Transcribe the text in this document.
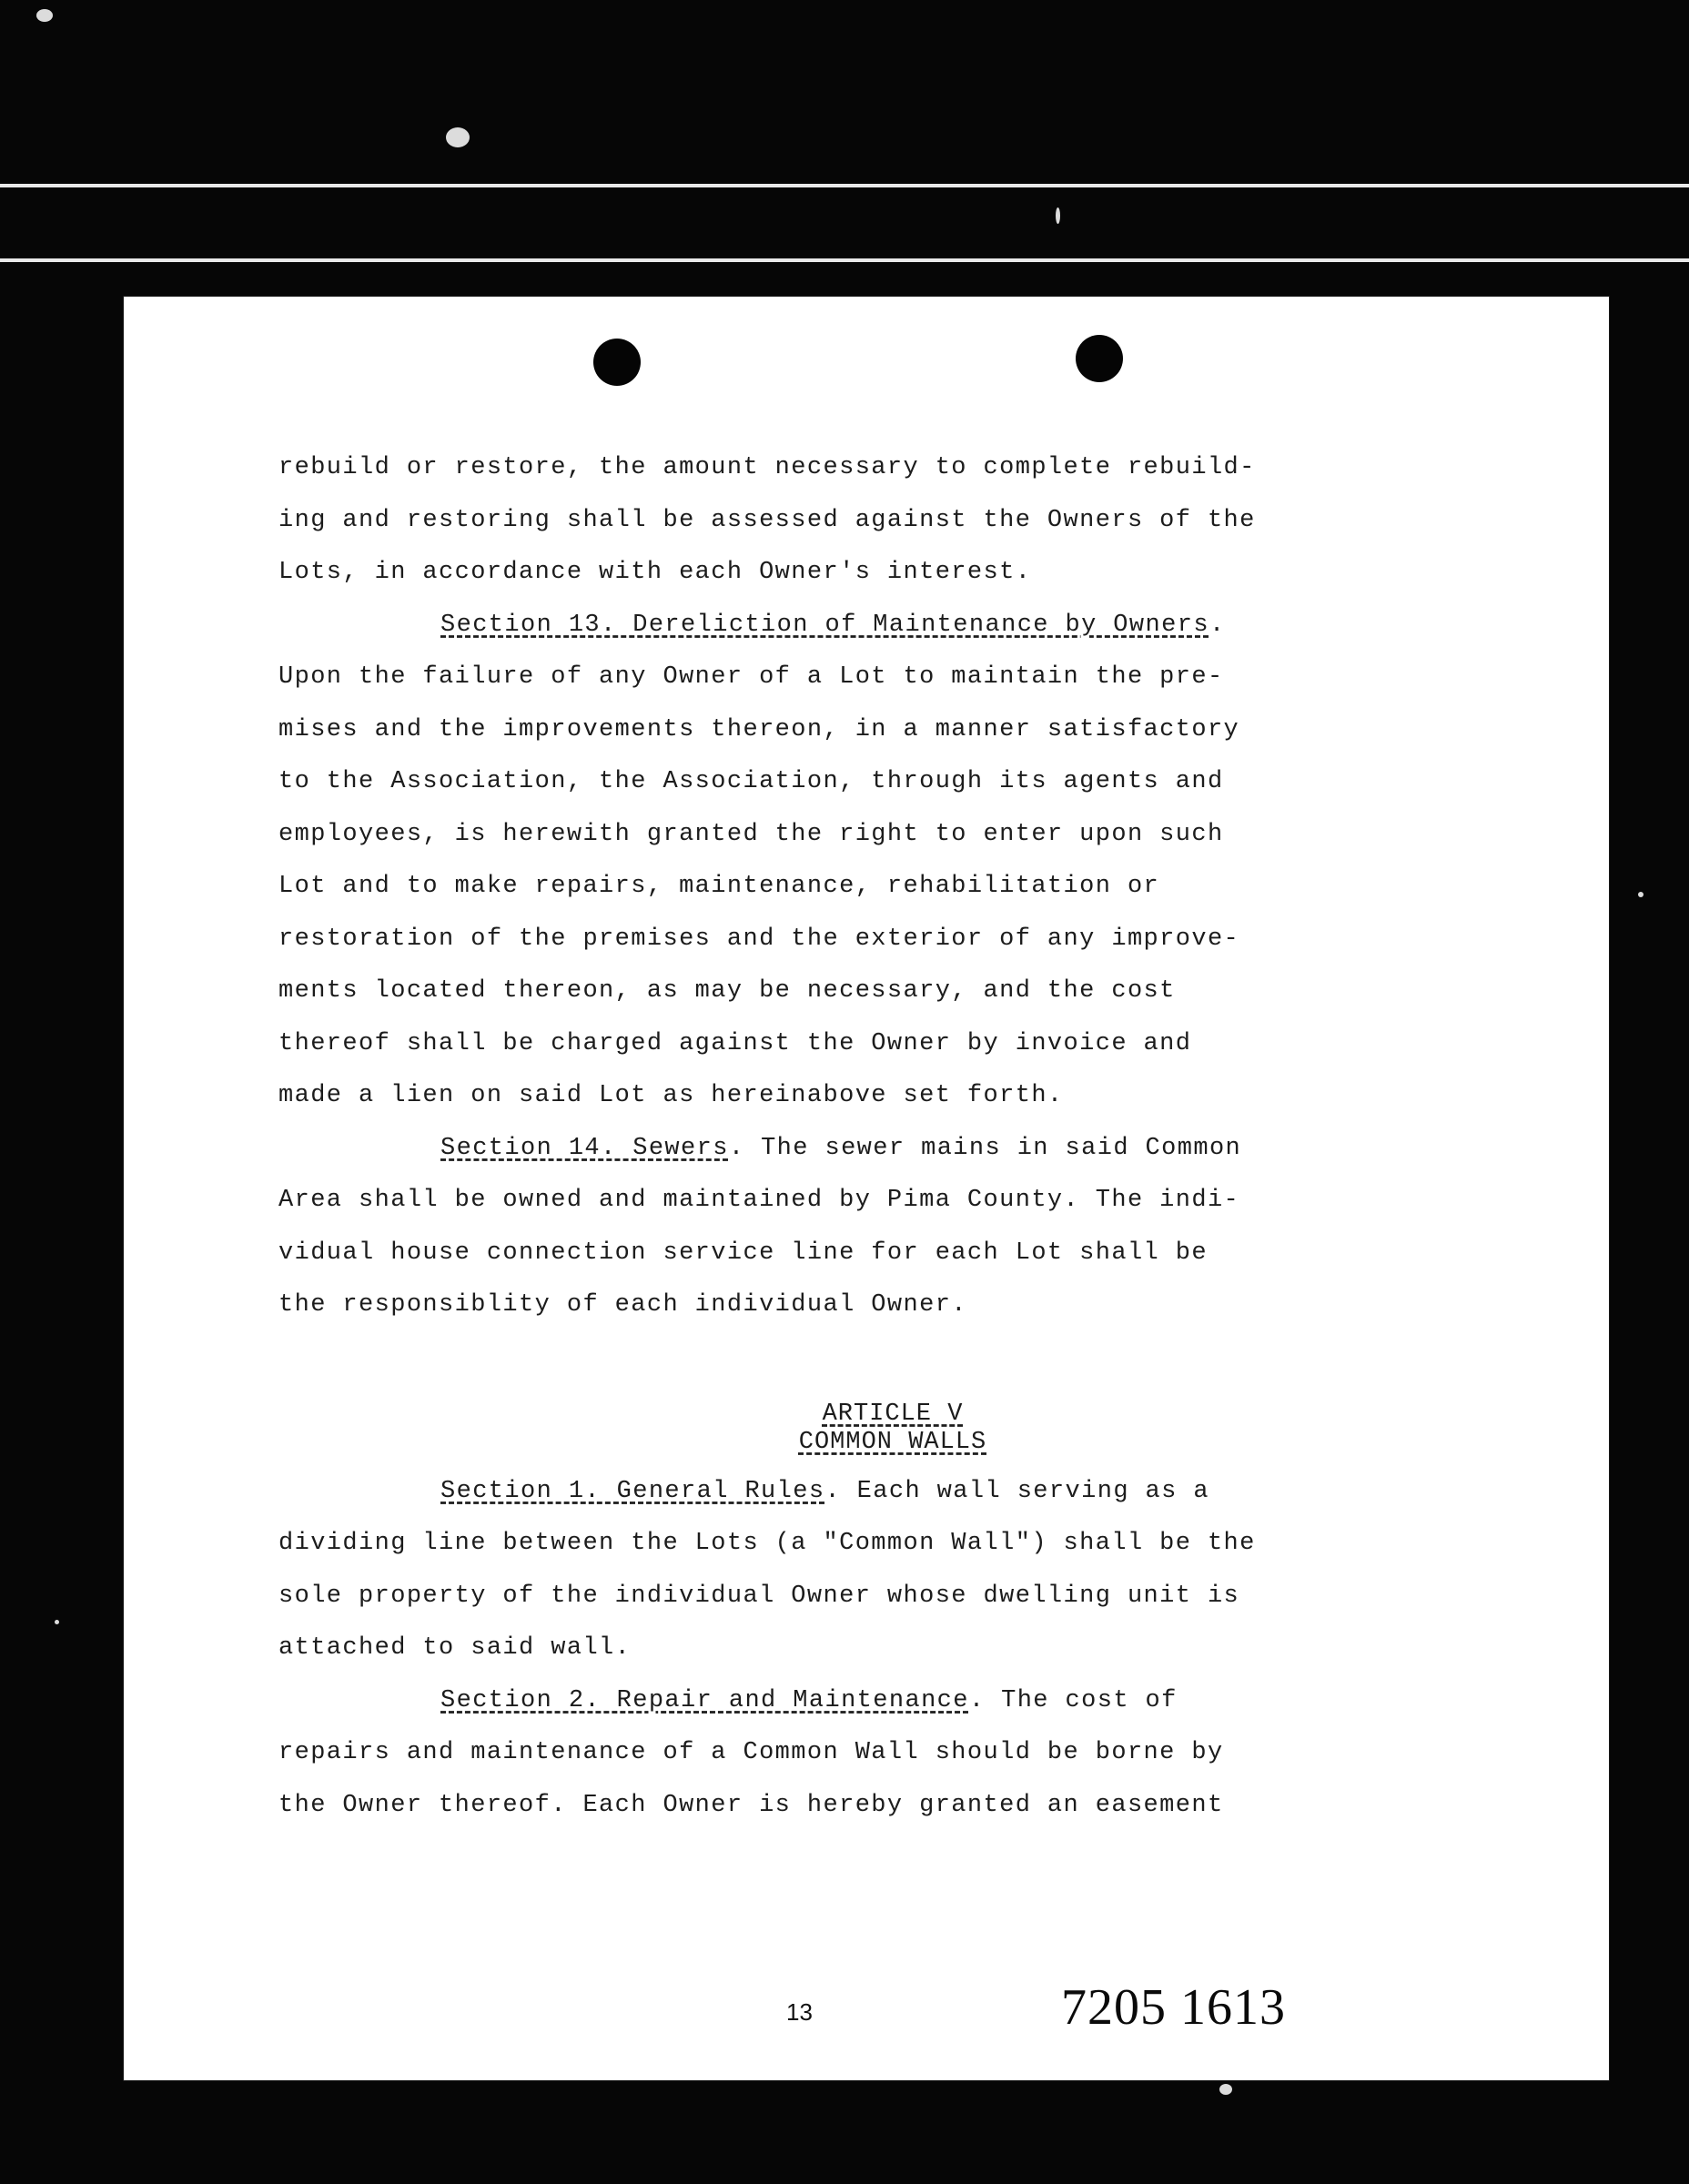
rebuild or restore, the amount necessary to complete rebuild-
ing and restoring shall be assessed against the Owners of the
Lots, in accordance with each Owner's interest.
Section 13. Dereliction of Maintenance by Owners.
Upon the failure of any Owner of a Lot to maintain the pre-
mises and the improvements thereon, in a manner satisfactory
to the Association, the Association, through its agents and
employees, is herewith granted the right to enter upon such
Lot and to make repairs, maintenance, rehabilitation or
restoration of the premises and the exterior of any improve-
ments located thereon, as may be necessary, and the cost
thereof shall be charged against the Owner by invoice and
made a lien on said Lot as hereinabove set forth.
Section 14. Sewers. The sewer mains in said Common
Area shall be owned and maintained by Pima County. The indi-
vidual house connection service line for each Lot shall be
the responsiblity of each individual Owner.
ARTICLE V
COMMON WALLS
Section 1. General Rules. Each wall serving as a
dividing line between the Lots (a "Common Wall") shall be the
sole property of the individual Owner whose dwelling unit is
attached to said wall.
Section 2. Repair and Maintenance. The cost of
repairs and maintenance of a Common Wall should be borne by
the Owner thereof. Each Owner is hereby granted an easement
13	7205 1613
